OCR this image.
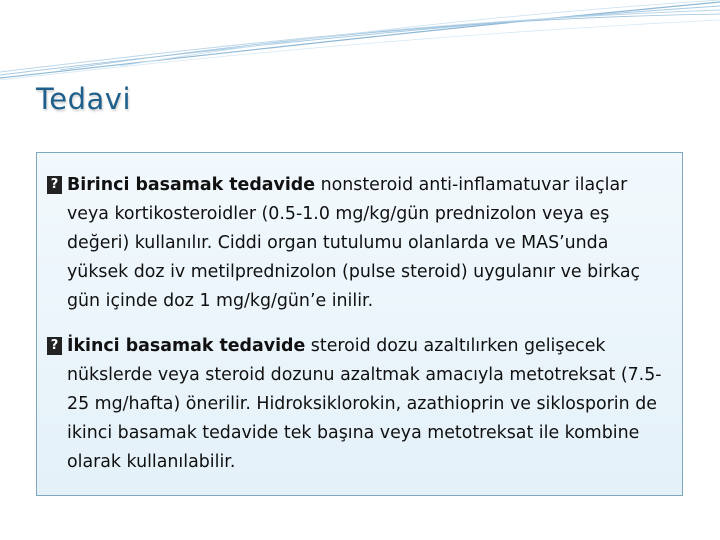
Tedavi

? Birinci basamak tedavide nonsteroid anti-inflamatuvar ilaçlar veya kortikosteroidler (0.5-1.0 mg/kg/gün prednizolon veya eş değeri) kullanılır. Ciddi organ tutulumu olanlarda ve MAS’unda yüksek doz iv metilprednizolon (pulse steroid) uygulanır ve birkaç gün içinde doz 1 mg/kg/gün’e inilir.

? İkinci basamak tedavide steroid dozu azaltılırken gelişecek nükslerde veya steroid dozunu azaltmak amacıyla metotreksat (7.5-25 mg/hafta) önerilir. Hidroksiklorokin, azathioprin ve siklosporin de ikinci basamak tedavide tek başına veya metotreksat ile kombine olarak kullanılabilir.
